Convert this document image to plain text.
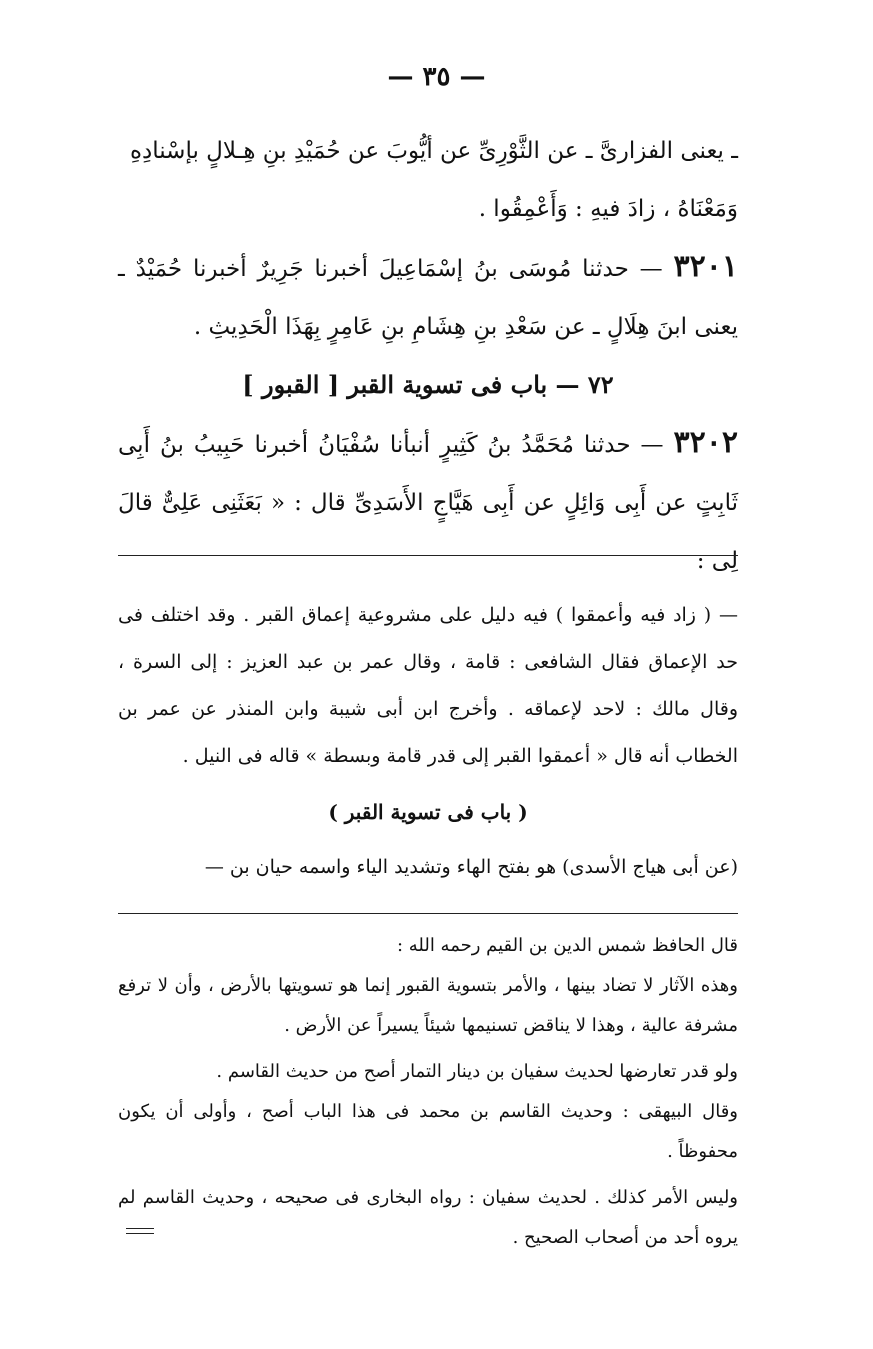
— ٣٥ —

ـ يعنى الفزارىَّ ـ عن الثَّوْرِىِّ عن أيُّوبَ عن حُمَيْدِ بنِ هِـلالٍ بإسْنادِهِ

وَمَعْنَاهُ ، زادَ فيهِ : وَأَعْمِقُوا .

٣٢٠١ — حدثنا مُوسَى بنُ إسْمَاعِيلَ أخبرنا جَرِيرٌ أخبرنا حُمَيْدٌ ـ يعنى ابنَ هِلَالٍ ـ عن سَعْدِ بنِ هِشَامِ بنِ عَامِرٍ بِهَذَا الْحَدِيثِ .

٧٢ — باب فى تسوية القبر [ القبور ]

٣٢٠٢ — حدثنا مُحَمَّدُ بنُ كَثِيرٍ أنبأنا سُفْيَانُ أخبرنا حَبِيبُ بنُ أَبِى ثَابِتٍ عن أَبِى وَائِلٍ عن أَبِى هَيَّاجٍ الأَسَدِىِّ قال : « بَعَثَنِى عَلِىٌّ قالَ لِى :

— ( زاد فيه وأعمقوا ) فيه دليل على مشروعية إعماق القبر . وقد اختلف فى حد الإعماق فقال الشافعى : قامة ، وقال عمر بن عبد العزيز : إلى السرة ، وقال مالك : لاحد لإعماقه . وأخرج ابن أبى شيبة وابن المنذر عن عمر بن الخطاب أنه قال « أعمقوا القبر إلى قدر قامة وبسطة » قاله فى النيل .

( باب فى تسوية القبر )

(عن أبى هياج الأسدى) هو بفتح الهاء وتشديد الياء واسمه حيان بن —

قال الحافظ شمس الدين بن القيم رحمه الله :

وهذه الآثار لا تضاد بينها ، والأمر بتسوية القبور إنما هو تسويتها بالأرض ، وأن لا ترفع مشرفة عالية ، وهذا لا يناقض تسنيمها شيئاً يسيراً عن الأرض .

ولو قدر تعارضها لحديث سفيان بن دينار التمار أصح من حديث القاسم .

وقال البيهقى : وحديث القاسم بن محمد فى هذا الباب أصح ، وأولى أن يكون محفوظاً .

وليس الأمر كذلك . لحديث سفيان : رواه البخارى فى صحيحه ، وحديث القاسم لم يروه أحد من أصحاب الصحيح .
